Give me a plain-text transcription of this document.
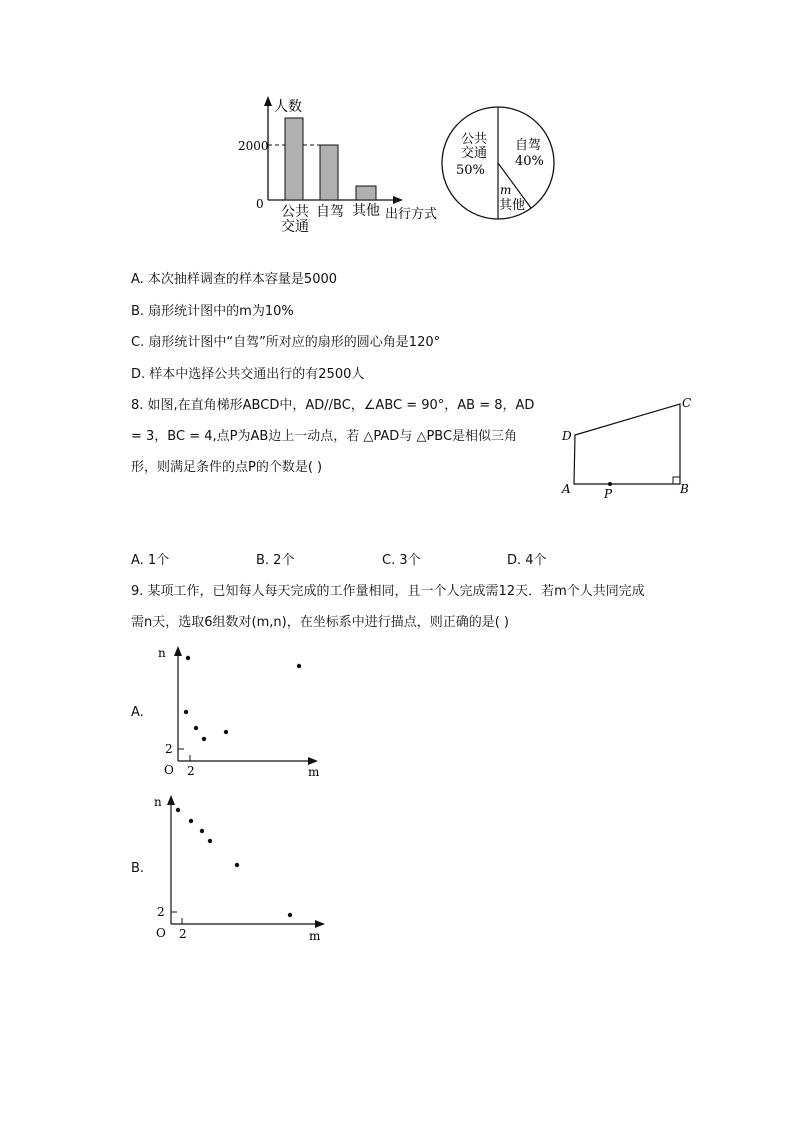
人数
2000
0 公共
交通
自驾 其他 出行方式
公共
交通
50%
自驾
40%
m
其他
A. 本次抽样调查的样本容量是5000
B. 扇形统计图中的m为10%
C. 扇形统计图中“自驾”所对应的扇形的圆心角是120°
D. 样本中选择公共交通出行的有2500人
8. 如图,在直角梯形ABCD中，AD//BC，∠ABC = 90°，AB = 8，AD
= 3，BC = 4,点P为AB边上一动点，若 △PAD与 △PBC是相似三角
形，则满足条件的点P的个数是( )
A	B
C
D
P
A. 1个	B. 2个	C. 3个	D. 4个
9. 某项工作，已知每人每天完成的工作量相同，且一个人完成需12天．若m个人共同完成
需n天，选取6组数对(m,n)，在坐标系中进行描点，则正确的是( )
A.
n
m
O 2
2
B.
n
m
O 2
2
